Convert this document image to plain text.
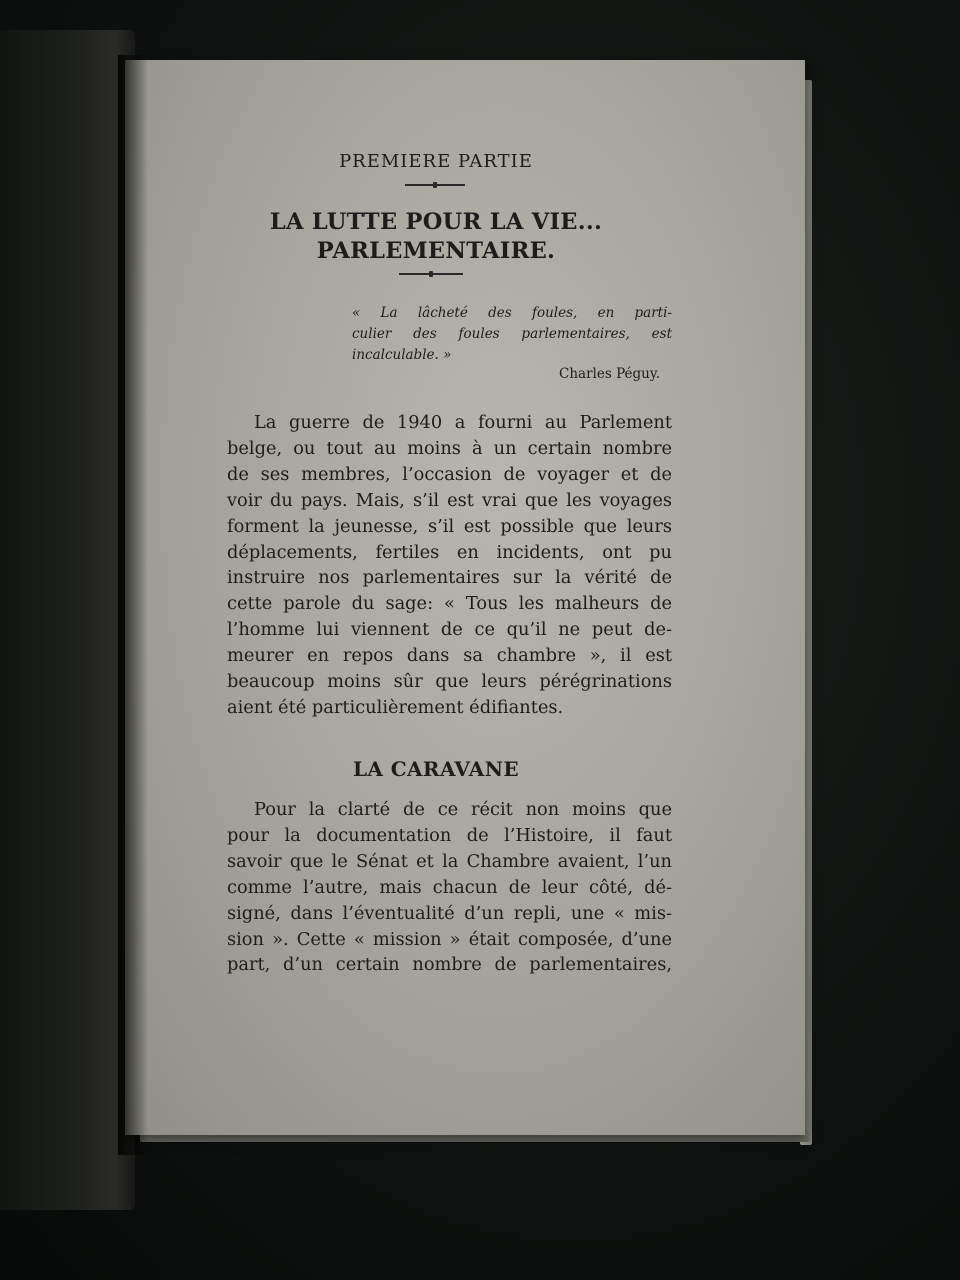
PREMIERE PARTIE
LA LUTTE POUR LA VIE...
PARLEMENTAIRE.
« La lâcheté des foules, en parti-
culier des foules parlementaires, est
incalculable. »
Charles Péguy.
La guerre de 1940 a fourni au Parlement
belge, ou tout au moins à un certain nombre
de ses membres, l’occasion de voyager et de
voir du pays. Mais, s’il est vrai que les voyages
forment la jeunesse, s’il est possible que leurs
déplacements, fertiles en incidents, ont pu
instruire nos parlementaires sur la vérité de
cette parole du sage: « Tous les malheurs de
l’homme lui viennent de ce qu’il ne peut de-
meurer en repos dans sa chambre », il est
beaucoup moins sûr que leurs pérégrinations
aient été particulièrement édifiantes.
LA CARAVANE
Pour la clarté de ce récit non moins que
pour la documentation de l’Histoire, il faut
savoir que le Sénat et la Chambre avaient, l’un
comme l’autre, mais chacun de leur côté, dé-
signé, dans l’éventualité d’un repli, une « mis-
sion ». Cette « mission » était composée, d’une
part, d’un certain nombre de parlementaires,
